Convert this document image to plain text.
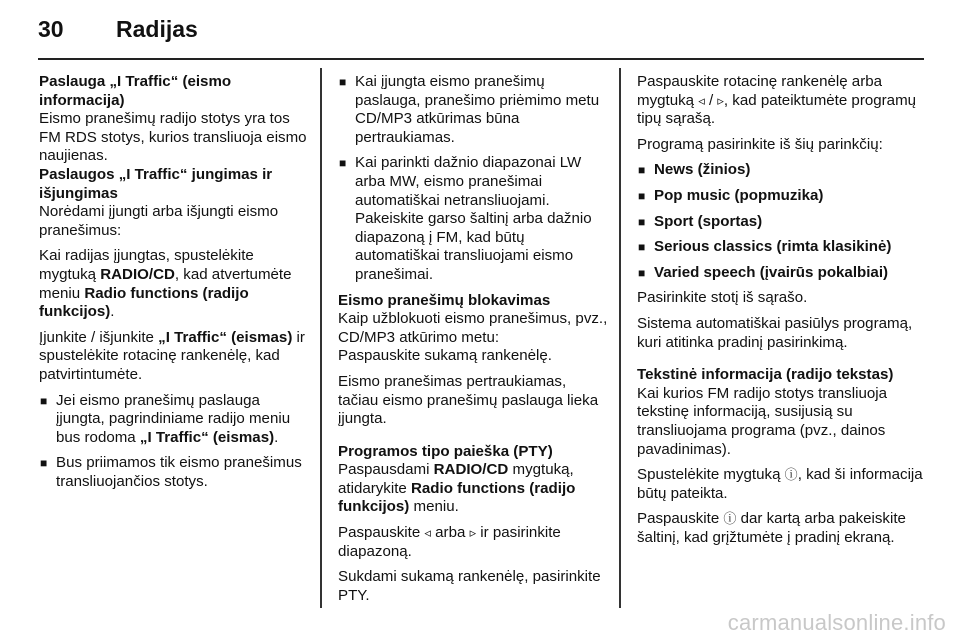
30 Radijas

Paslauga „I Traffic“ (eismo informacija)

Eismo pranešimų radijo stotys yra tos FM RDS stotys, kurios transliuoja eismo naujienas.

Paslaugos „I Traffic“ jungimas ir išjungimas

Norėdami įjungti arba išjungti eismo pranešimus:

Kai radijas įjungtas, spustelėkite mygtuką RADIO/CD, kad atvertumėte meniu Radio functions (radijo funkcijos).

Įjunkite / išjunkite „I Traffic“ (eismas) ir spustelėkite rotacinę rankenėlę, kad patvirtintumėte.

■ Jei eismo pranešimų paslauga įjungta, pagrindiniame radijo meniu bus rodoma „I Traffic“ (eismas).
■ Bus priimamos tik eismo pranešimus transliuojančios stotys.
■ Kai įjungta eismo pranešimų paslauga, pranešimo priėmimo metu CD/MP3 atkūrimas būna pertraukiamas.
■ Kai parinkti dažnio diapazonai LW arba MW, eismo pranešimai automatiškai netransliuojami. Pakeiskite garso šaltinį arba dažnio diapazoną į FM, kad būtų automatiškai transliuojami eismo pranešimai.

Eismo pranešimų blokavimas

Kaip užblokuoti eismo pranešimus, pvz., CD/MP3 atkūrimo metu:

Paspauskite sukamą rankenėlę.

Eismo pranešimas pertraukiamas, tačiau eismo pranešimų paslauga lieka įjungta.

Programos tipo paieška (PTY)

Paspausdami RADIO/CD mygtuką, atidarykite Radio functions (radijo funkcijos) meniu.

Paspauskite ◃ arba ▹ ir pasirinkite diapazoną.

Sukdami sukamą rankenėlę, pasirinkite PTY.

Paspauskite rotacinę rankenėlę arba mygtuką ◃ / ▹, kad pateiktumėte programų tipų sąrašą.

Programą pasirinkite iš šių parinkčių:

■ News (žinios)
■ Pop music (popmuzika)
■ Sport (sportas)
■ Serious classics (rimta klasikinė)
■ Varied speech (įvairūs pokalbiai)

Pasirinkite stotį iš sąrašo.

Sistema automatiškai pasiūlys programą, kuri atitinka pradinį pasirinkimą.

Tekstinė informacija (radijo tekstas)

Kai kurios FM radijo stotys transliuoja tekstinę informaciją, susijusią su transliuojama programa (pvz., dainos pavadinimas).

Spustelėkite mygtuką ⓘ, kad ši informacija būtų pateikta.

Paspauskite ⓘ dar kartą arba pakeiskite šaltinį, kad grįžtumėte į pradinį ekraną.

carmanualsonline.info
